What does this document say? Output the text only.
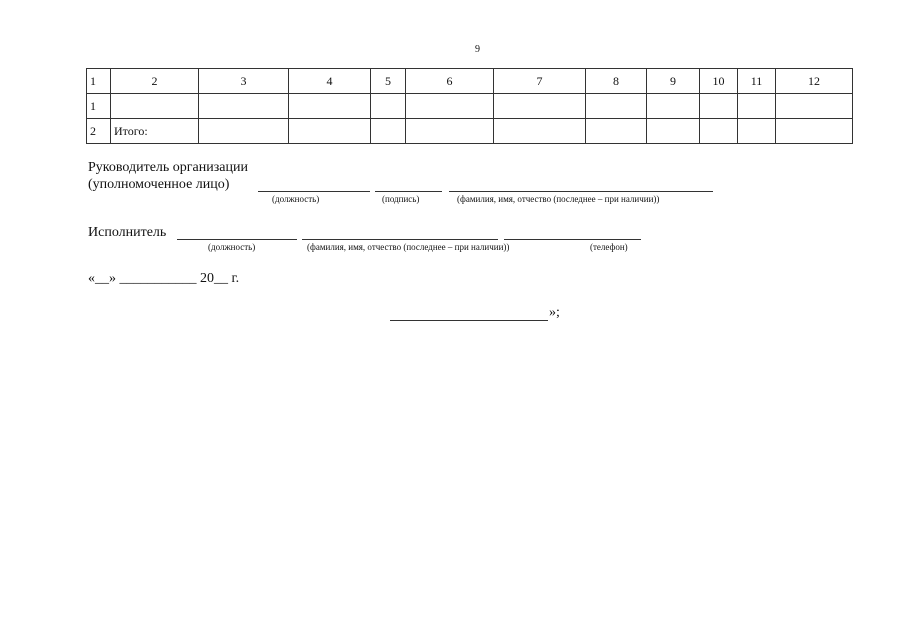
9
1	2	3	4	5	6	7	8	9	10	11	12
1											
2	Итого:										
Руководитель организации
(уполномоченное лицо)
(должность)	(подпись)	(фамилия, имя, отчество (последнее – при наличии))
Исполнитель
(должность)	(фамилия, имя, отчество (последнее – при наличии))	(телефон)
«__» ___________ 20__ г.
»;
